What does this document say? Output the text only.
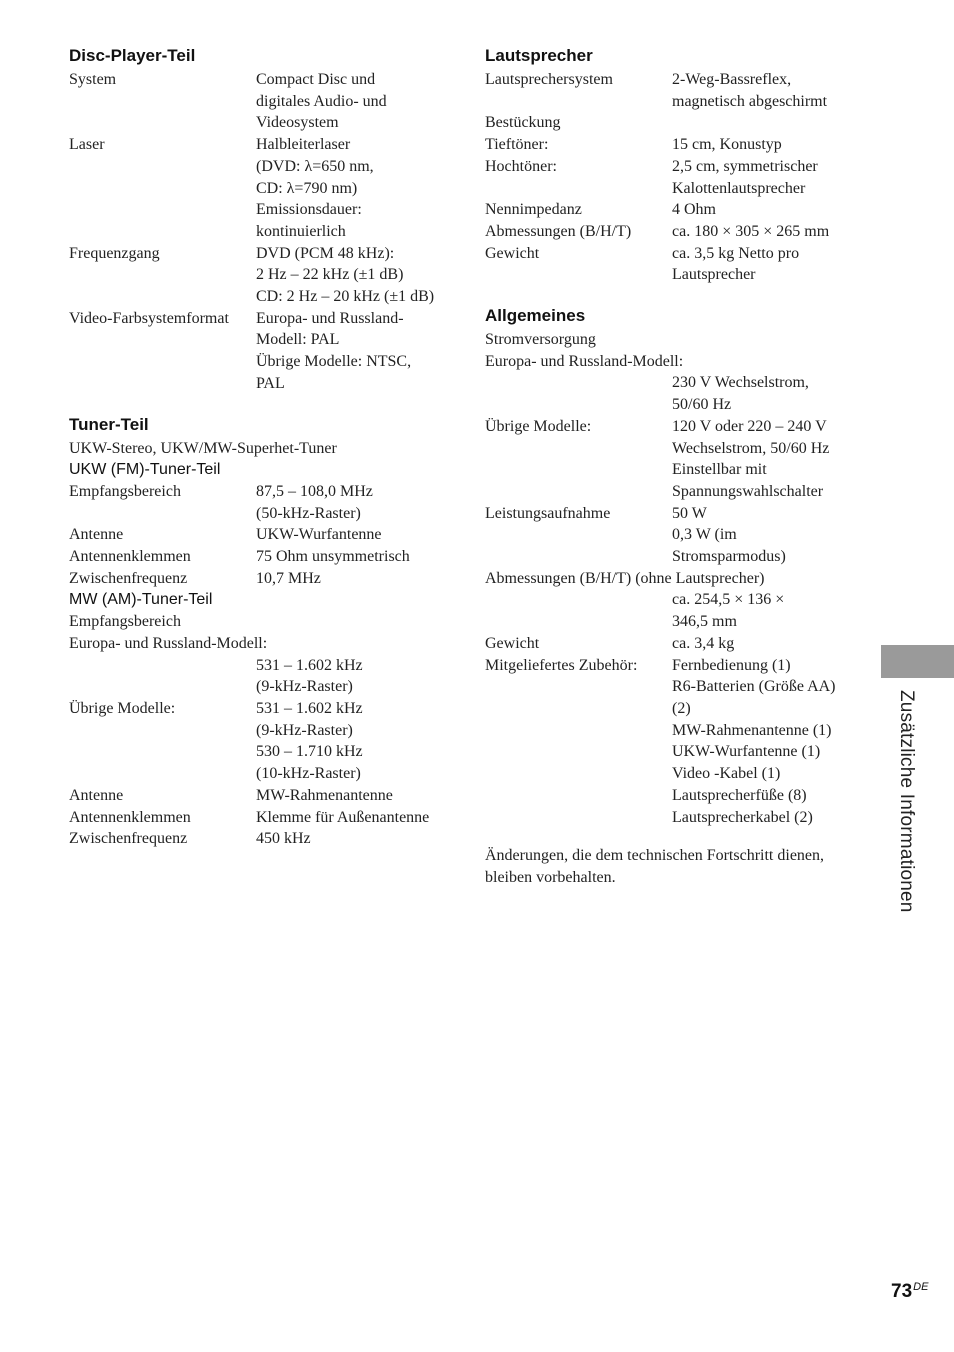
Disc-Player-Teil
System	Compact Disc und
digitales Audio- und
Videosystem
Laser	Halbleiterlaser
(DVD: λ=650 nm,
CD: λ=790 nm)
Emissionsdauer:
kontinuierlich
Frequenzgang	DVD (PCM 48 kHz):
2 Hz – 22 kHz (±1 dB)
CD: 2 Hz – 20 kHz (±1 dB)
Video-Farbsystemformat	Europa- und Russland-
Modell: PAL
Übrige Modelle: NTSC,
PAL
Tuner-Teil
UKW-Stereo, UKW/MW-Superhet-Tuner
UKW (FM)-Tuner-Teil
Empfangsbereich	87,5 – 108,0 MHz
(50-kHz-Raster)
Antenne	UKW-Wurfantenne
Antennenklemmen	75 Ohm unsymmetrisch
Zwischenfrequenz	10,7 MHz
MW (AM)-Tuner-Teil
Empfangsbereich
Europa- und Russland-Modell:
531 – 1.602 kHz
(9-kHz-Raster)
Übrige Modelle:	531 – 1.602 kHz
(9-kHz-Raster)
530 – 1.710 kHz
(10-kHz-Raster)
Antenne	MW-Rahmenantenne
Antennenklemmen	Klemme für Außenantenne
Zwischenfrequenz	450 kHz
Lautsprecher
Lautsprechersystem	2-Weg-Bassreflex,
magnetisch abgeschirmt
Bestückung
Tieftöner:	15 cm, Konustyp
Hochtöner:	2,5 cm, symmetrischer
Kalottenlautsprecher
Nennimpedanz	4 Ohm
Abmessungen (B/H/T)	ca. 180 × 305 × 265 mm
Gewicht	ca. 3,5 kg Netto pro
Lautsprecher
Allgemeines
Stromversorgung
Europa- und Russland-Modell:
230 V Wechselstrom,
50/60 Hz
Übrige Modelle:	120 V oder 220 – 240 V
Wechselstrom, 50/60 Hz
Einstellbar mit
Spannungswahlschalter
Leistungsaufnahme	50 W
0,3 W (im
Stromsparmodus)
Abmessungen (B/H/T) (ohne Lautsprecher)
ca. 254,5 × 136 ×
346,5 mm
Gewicht	ca. 3,4 kg
Mitgeliefertes Zubehör:	Fernbedienung (1)
R6-Batterien (Größe AA)
(2)
MW-Rahmenantenne (1)
UKW-Wurfantenne (1)
Video -Kabel (1)
Lautsprecherfüße (8)
Lautsprecherkabel (2)
Änderungen, die dem technischen Fortschritt dienen,
bleiben vorbehalten.	Zusätzliche Informationen
73DE
